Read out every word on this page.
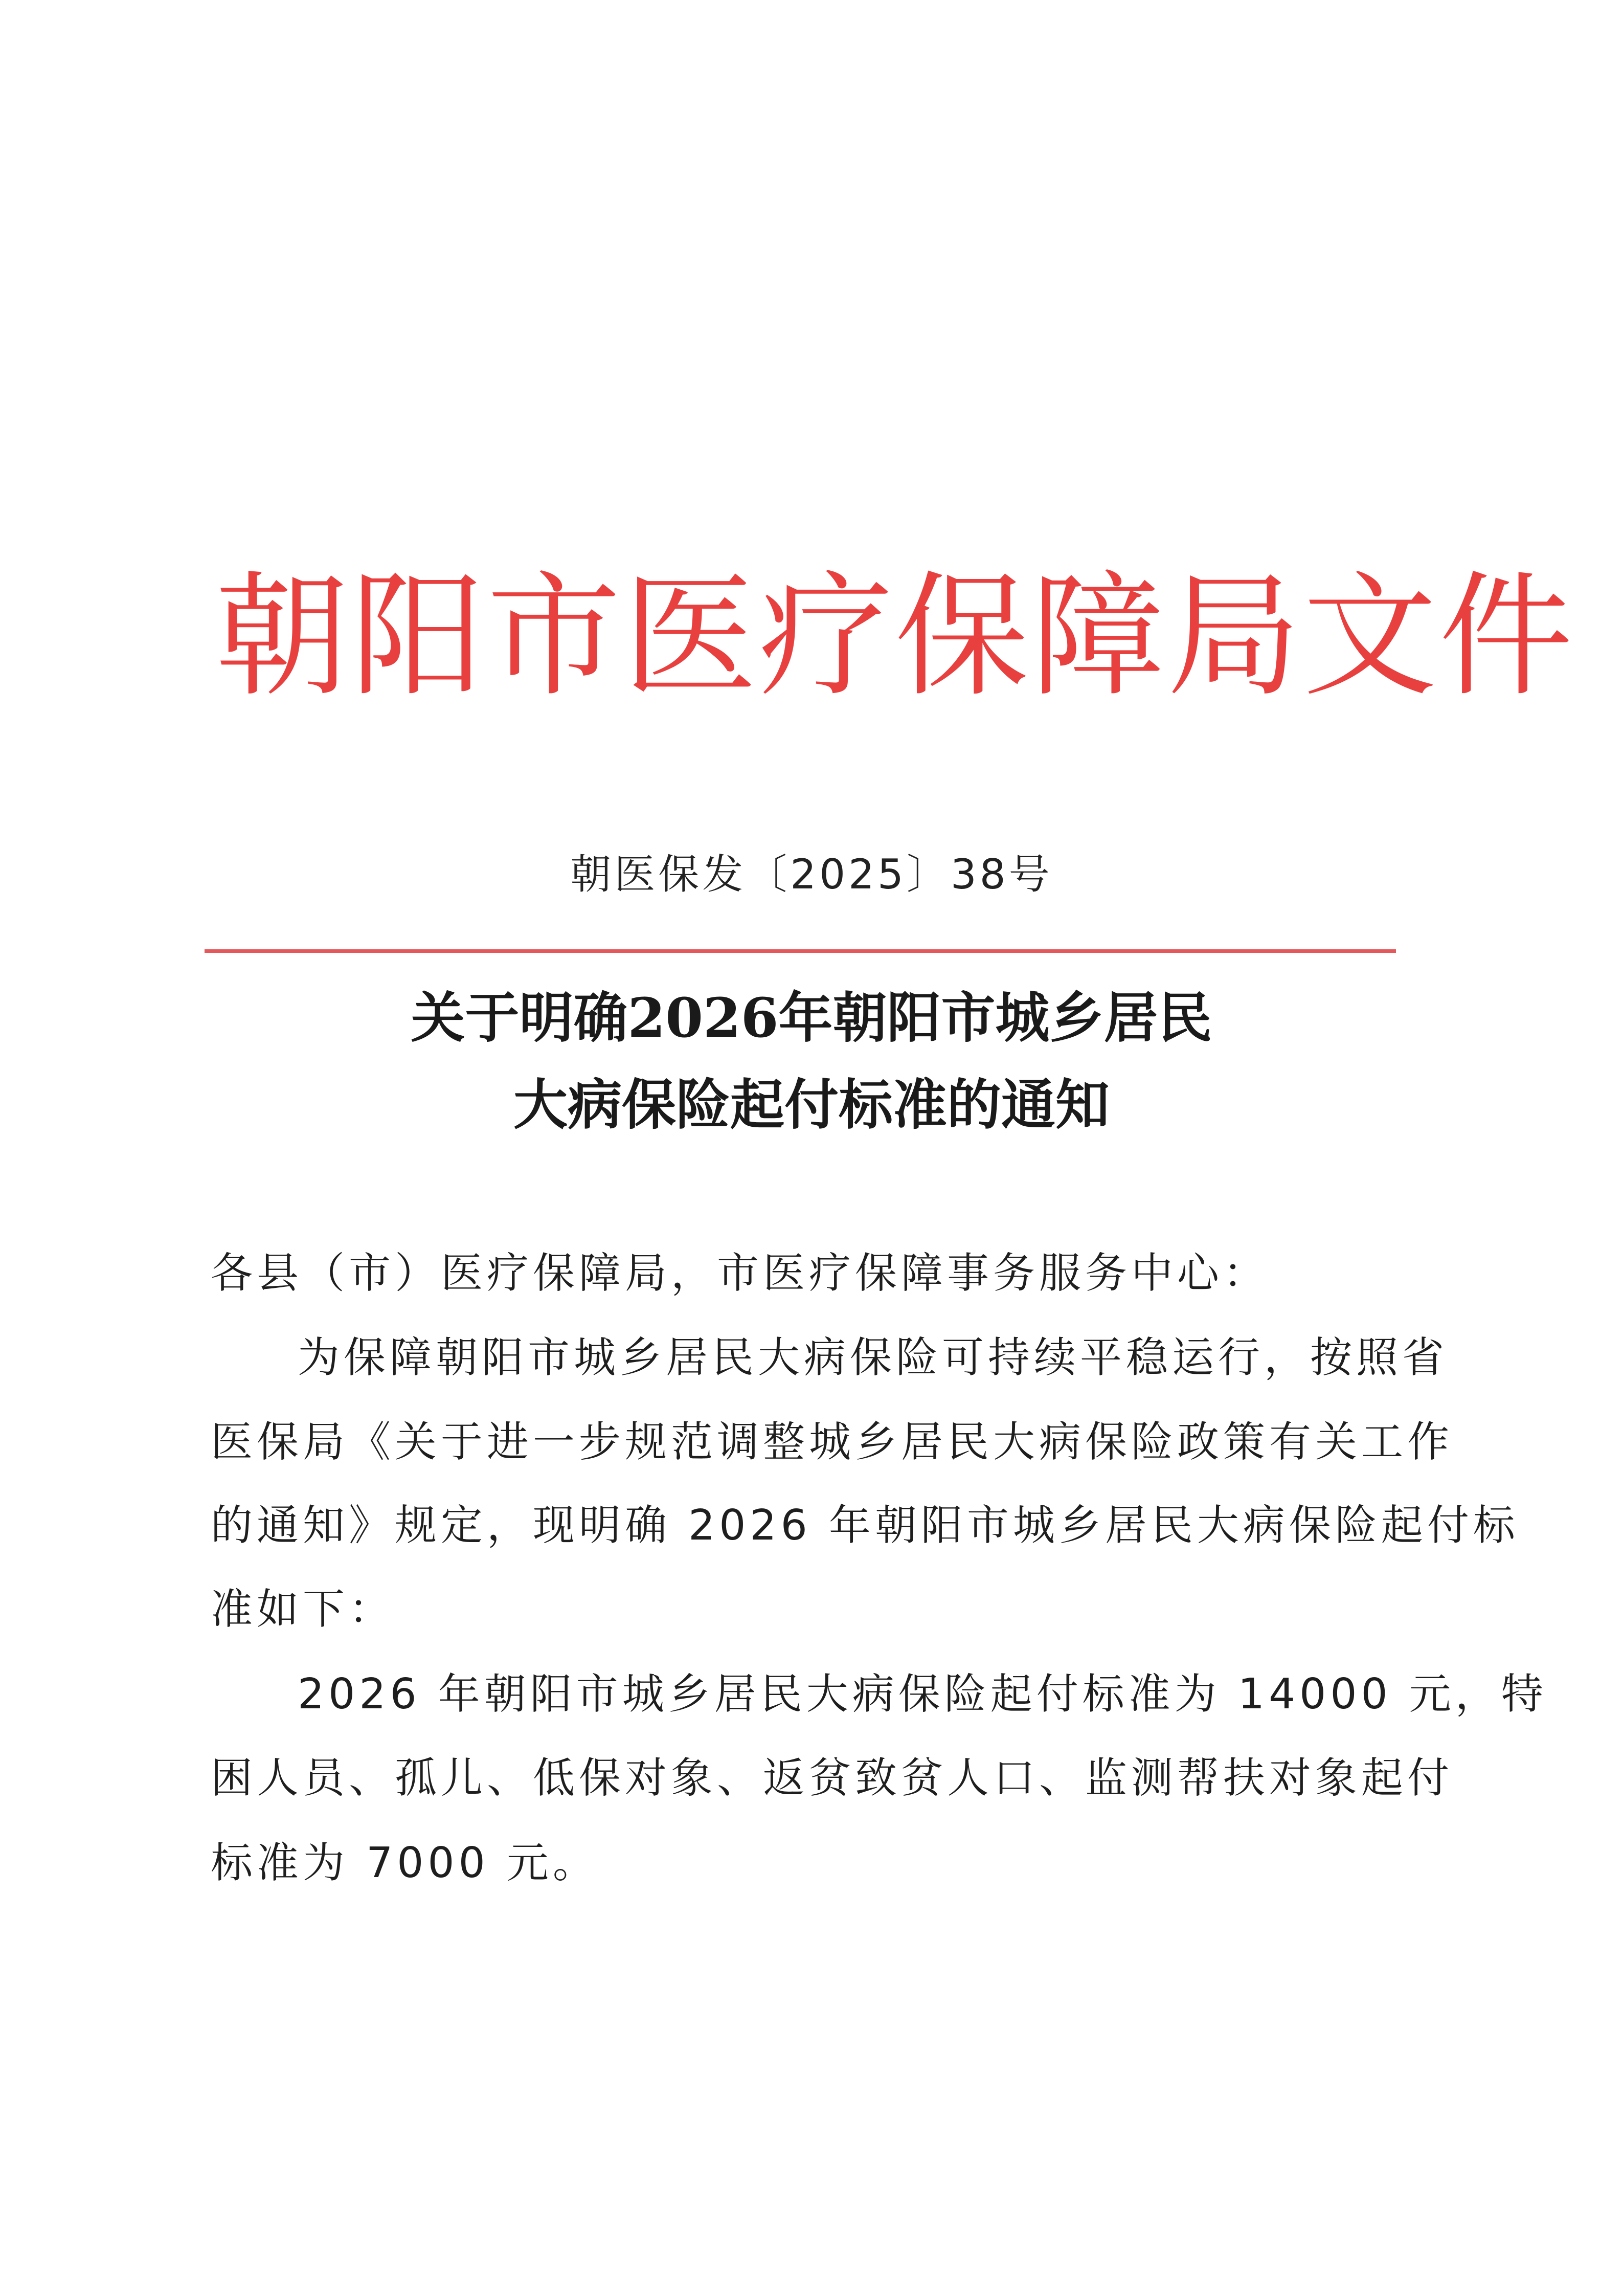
朝阳市医疗保障局文件
朝医保发〔2025〕38号
关于明确2026年朝阳市城乡居民
大病保险起付标准的通知
各县（市）医疗保障局，市医疗保障事务服务中心：
为保障朝阳市城乡居民大病保险可持续平稳运行，按照省
医保局《关于进一步规范调整城乡居民大病保险政策有关工作
的通知》规定，现明确 2026 年朝阳市城乡居民大病保险起付标
准如下：
2026 年朝阳市城乡居民大病保险起付标准为 14000 元，特
困人员、孤儿、低保对象、返贫致贫人口、监测帮扶对象起付
标准为 7000 元。
